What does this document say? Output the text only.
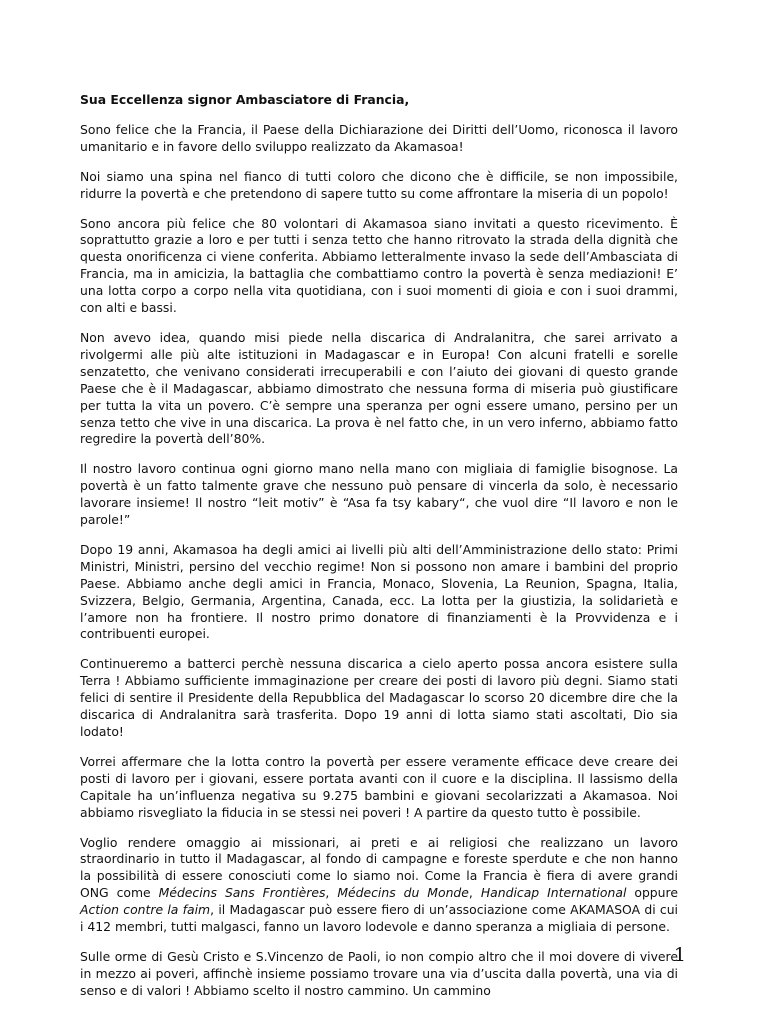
Sua Eccellenza signor Ambasciatore di Francia,

Sono felice che la Francia, il Paese della Dichiarazione dei Diritti dell’Uomo, riconosca il lavoro umanitario e in favore dello sviluppo realizzato da Akamasoa!

Noi siamo una spina nel fianco di tutti coloro che dicono che è difficile, se non impossibile, ridurre la povertà e che pretendono di sapere tutto su come affrontare la miseria di un popolo!

Sono ancora più felice che 80 volontari di Akamasoa siano invitati a questo ricevimento. È soprattutto grazie a loro e per tutti i senza tetto che hanno ritrovato la strada della dignità che questa onorificenza ci viene conferita. Abbiamo letteralmente invaso la sede dell’Ambasciata di Francia, ma in amicizia, la battaglia che combattiamo contro la povertà è senza mediazioni! E’ una lotta corpo a corpo nella vita quotidiana, con i suoi momenti di gioia e con i suoi drammi, con alti e bassi.

Non avevo idea, quando misi piede nella discarica di Andralanitra, che sarei arrivato a rivolgermi alle più alte istituzioni in Madagascar e in Europa! Con alcuni fratelli e sorelle senzatetto, che venivano considerati irrecuperabili e con l’aiuto dei giovani di questo grande Paese che è il Madagascar, abbiamo dimostrato che nessuna forma di miseria può giustificare per tutta la vita un povero. C’è sempre una speranza per ogni essere umano, persino per un senza tetto che vive in una discarica. La prova è nel fatto che, in un vero inferno, abbiamo fatto regredire la povertà dell’80%.

Il nostro lavoro continua ogni giorno mano nella mano con migliaia di famiglie bisognose. La povertà è un fatto talmente grave che nessuno può pensare di vincerla da solo, è necessario lavorare insieme! Il nostro “leit motiv” è “Asa fa tsy kabary“, che vuol dire “Il lavoro e non le parole!”

Dopo 19 anni, Akamasoa ha degli amici ai livelli più alti dell’Amministrazione dello stato: Primi Ministri, Ministri, persino del vecchio regime! Non si possono non amare i bambini del proprio Paese. Abbiamo anche degli amici in Francia, Monaco, Slovenia, La Reunion, Spagna, Italia, Svizzera, Belgio, Germania, Argentina, Canada, ecc. La lotta per la giustizia, la solidarietà e l’amore non ha frontiere. Il nostro primo donatore di finanziamenti è la Provvidenza e i contribuenti europei.

Continueremo a batterci perchè nessuna discarica a cielo aperto possa ancora esistere sulla Terra ! Abbiamo sufficiente immaginazione per creare dei posti di lavoro più degni. Siamo stati felici di sentire il Presidente della Repubblica del Madagascar lo scorso 20 dicembre dire che la discarica di Andralanitra sarà trasferita. Dopo 19 anni di lotta siamo stati ascoltati, Dio sia lodato!

Vorrei affermare che la lotta contro la povertà per essere veramente efficace deve creare dei posti di lavoro per i giovani, essere portata avanti con il cuore e la disciplina. Il lassismo della Capitale ha un’influenza negativa su 9.275 bambini e giovani secolarizzati a Akamasoa. Noi abbiamo risvegliato la fiducia in se stessi nei poveri ! A partire da questo tutto è possibile.

Voglio rendere omaggio ai missionari, ai preti e ai religiosi che realizzano un lavoro straordinario in tutto il Madagascar, al fondo di campagne e foreste sperdute e che non hanno la possibilità di essere conosciuti come lo siamo noi. Come la Francia è fiera di avere grandi ONG come Médecins Sans Frontières, Médecins du Monde, Handicap International oppure Action contre la faim, il Madagascar può essere fiero di un’associazione come AKAMASOA di cui i 412 membri, tutti malgasci, fanno un lavoro lodevole e danno speranza a migliaia di persone.

Sulle orme di Gesù Cristo e S.Vincenzo de Paoli, io non compio altro che il moi dovere di vivere in mezzo ai poveri, affinchè insieme possiamo trovare una via d’uscita dalla povertà, una via di senso e di valori ! Abbiamo scelto il nostro cammino. Un cammino

1
